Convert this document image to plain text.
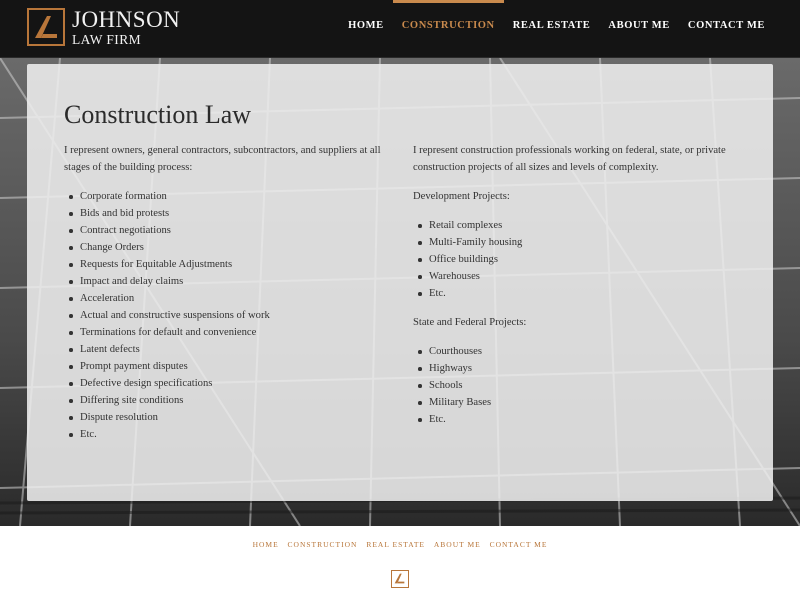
JOHNSON
LAW FIRM
HOME	CONSTRUCTION	REAL ESTATE	ABOUT ME	CONTACT ME
Construction Law

I represent owners, general contractors, subcontractors, and suppliers at all stages of the building process:

Corporate formation
Bids and bid protests
Contract negotiations
Change Orders
Requests for Equitable Adjustments
Impact and delay claims
Acceleration
Actual and constructive suspensions of work
Terminations for default and convenience
Latent defects
Prompt payment disputes
Defective design specifications
Differing site conditions
Dispute resolution
Etc.

I represent construction professionals working on federal, state, or private construction projects of all sizes and levels of complexity.

Development Projects:

Retail complexes
Multi-Family housing
Office buildings
Warehouses
Etc.

State and Federal Projects:

Courthouses
Highways
Schools
Military Bases
Etc.
HOME CONSTRUCTION REAL ESTATE ABOUT ME CONTACT ME
